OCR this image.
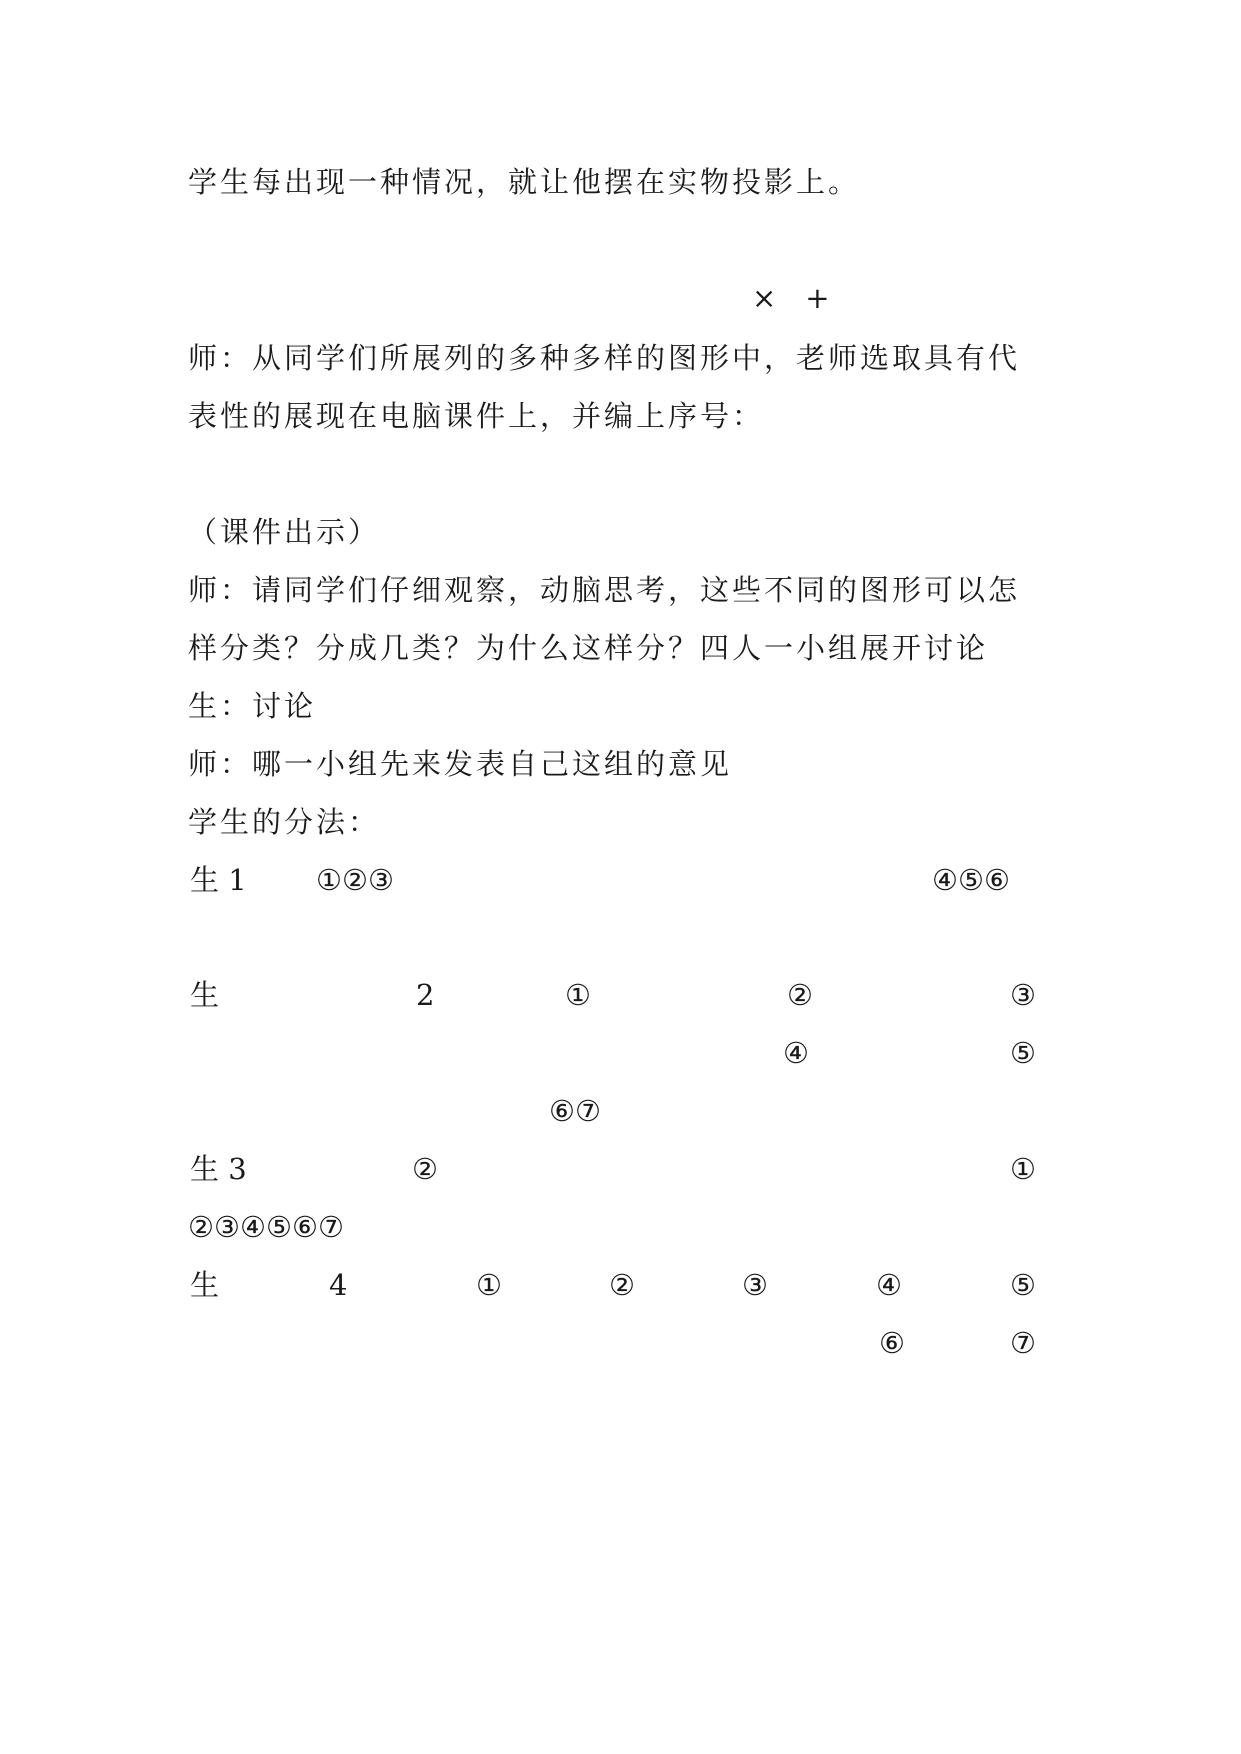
学生每出现一种情况，就让他摆在实物投影上。
×　+
师：从同学们所展列的多种多样的图形中，老师选取具有代
表性的展现在电脑课件上，并编上序号：
（课件出示）
师：请同学们仔细观察，动脑思考，这些不同的图形可以怎
样分类？分成几类？为什么这样分？四人一小组展开讨论
生：讨论
师：哪一小组先来发表自己这组的意见
学生的分法：
生 1 ①②③	④⑤⑥
生	2	①	②	③
④	⑤
⑥⑦
生 3	②	①
②③④⑤⑥⑦
生	4	①	②	③	④	⑤
⑥	⑦
